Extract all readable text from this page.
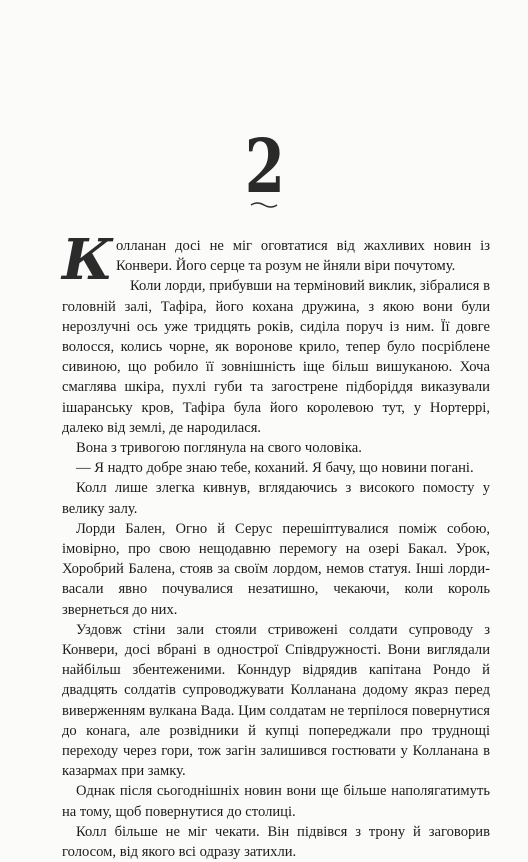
2

Колланан досі не міг оговтатися від жахливих новин із Конвери. Його серце та розум не йняли віри почутому.

Коли лорди, прибувши на терміновий виклик, зібралися в головній залі, Тафіра, його кохана дружина, з якою вони були нерозлучні ось уже тридцять років, сиділа поруч із ним. Її довге волосся, колись чорне, як воронове крило, тепер було посріблене сивиною, що робило її зовнішність іще більш вишуканою. Хоча смаглява шкіра, пухлі губи та загострене підборіддя виказували ішаранську кров, Тафіра була його королевою тут, у Нортеррі, далеко від землі, де народилася.

Вона з тривогою поглянула на свого чоловіка.

— Я надто добре знаю тебе, коханий. Я бачу, що новини погані.

Колл лише злегка кивнув, вглядаючись з високого помосту у велику залу.

Лорди Бален, Огно й Серус перешіптувалися поміж собою, імовірно, про свою нещодавню перемогу на озері Бакал. Урок, Хоробрий Балена, стояв за своїм лордом, немов статуя. Інші лорди-васали явно почувалися незатишно, чекаючи, коли король звернеться до них.

Уздовж стіни зали стояли стривожені солдати супроводу з Конвери, досі вбрані в однострої Співдружності. Вони виглядали найбільш збентеженими. Конндур відрядив капітана Рондо й двадцять солдатів супроводжувати Колланана додому якраз перед виверженням вулкана Вада. Цим солдатам не терпілося повернутися до конага, але розвідники й купці попереджали про труднощі переходу через гори, тож загін залишився гостювати у Колланана в казармах при замку.

Однак після сьогоднішніх новин вони ще більше наполягатимуть на тому, щоб повернутися до столиці.

Колл більше не міг чекати. Він підвівся з трону й заговорив голосом, від якого всі одразу затихли.
